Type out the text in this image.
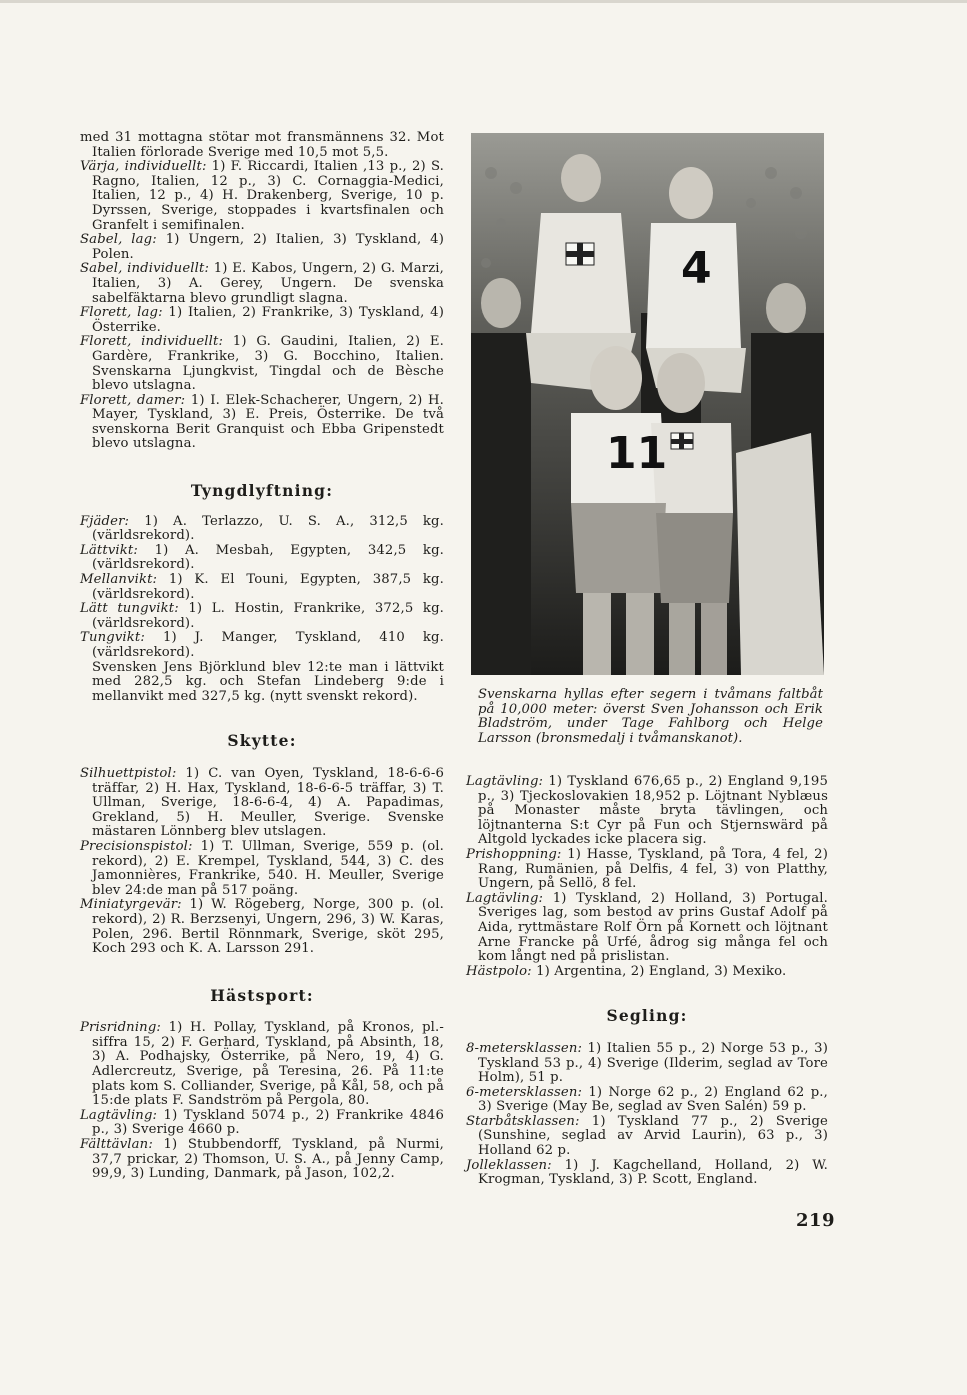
med 31 mottagna stötar mot fransmännens 32. Mot Italien förlorade Sverige med 10,5 mot 5,5.

Värja, individuellt: 1) F. Riccardi, Italien ,13 p., 2) S. Ragno, Italien, 12 p., 3) C. Cornaggia-Medici, Italien, 12 p., 4) H. Drakenberg, Sverige, 10 p. Dyrssen, Sverige, stoppades i kvartsfinalen och Granfelt i semifinalen.

Sabel, lag: 1) Ungern, 2) Italien, 3) Tyskland, 4) Polen.

Sabel, individuellt: 1) E. Kabos, Ungern, 2) G. Marzi, Italien, 3) A. Gerey, Ungern. De svenska sabelfäktarna blevo grundligt slagna.

Florett, lag: 1) Italien, 2) Frankrike, 3) Tyskland, 4) Österrike.

Florett, individuellt: 1) G. Gaudini, Italien, 2) E. Gardère, Frankrike, 3) G. Bocchino, Italien. Svenskarna Ljungkvist, Tingdal och de Bèsche blevo utslagna.

Florett, damer: 1) I. Elek-Schacherer, Ungern, 2) H. Mayer, Tyskland, 3) E. Preis, Österrike. De två svenskorna Berit Granquist och Ebba Gripenstedt blevo utslagna.

Tyngdlyftning:

Fjäder: 1) A. Terlazzo, U. S. A., 312,5 kg. (världsrekord).

Lättvikt: 1) A. Mesbah, Egypten, 342,5 kg. (världsrekord).

Mellanvikt: 1) K. El Touni, Egypten, 387,5 kg. (världsrekord).

Lätt tungvikt: 1) L. Hostin, Frankrike, 372,5 kg. (världsrekord).

Tungvikt: 1) J. Manger, Tyskland, 410 kg. (världsrekord).

Svensken Jens Björklund blev 12:te man i lättvikt med 282,5 kg. och Stefan Lindeberg 9:de i mellanvikt med 327,5 kg. (nytt svenskt rekord).

Skytte:

Silhuettpistol: 1) C. van Oyen, Tyskland, 18-6-6-6 träffar, 2) H. Hax, Tyskland, 18-6-6-5 träffar, 3) T. Ullman, Sverige, 18-6-6-4, 4) A. Papadimas, Grekland, 5) H. Meuller, Sverige. Svenske mästaren Lönnberg blev utslagen.

Precisionspistol: 1) T. Ullman, Sverige, 559 p. (ol. rekord), 2) E. Krempel, Tyskland, 544, 3) C. des Jamonnières, Frankrike, 540. H. Meuller, Sverige blev 24:de man på 517 poäng.

Miniatyrgevär: 1) W. Rögeberg, Norge, 300 p. (ol. rekord), 2) R. Berzsenyi, Ungern, 296, 3) W. Karas, Polen, 296. Bertil Rönnmark, Sverige, sköt 295, Koch 293 och K. A. Larsson 291.

Hästsport:

Prisridning: 1) H. Pollay, Tyskland, på Kronos, pl.-siffra 15, 2) F. Gerhard, Tyskland, på Absinth, 18, 3) A. Podhajsky, Österrike, på Nero, 19, 4) G. Adlercreutz, Sverige, på Teresina, 26. På 11:te plats kom S. Colliander, Sverige, på Kål, 58, och på 15:de plats F. Sandström på Pergola, 80.

Lagtävling: 1) Tyskland 5074 p., 2) Frankrike 4846 p., 3) Sverige 4660 p.

Fälttävlan: 1) Stubbendorff, Tyskland, på Nurmi, 37,7 prickar, 2) Thomson, U. S. A., på Jenny Camp, 99,9, 3) Lunding, Danmark, på Jason, 102,2.

4
11

Svenskarna hyllas efter segern i tvåmans faltbåt på 10,000 meter: överst Sven Johansson och Erik Bladström, under Tage Fahlborg och Helge Larsson (bronsmedalj i tvåmanskanot).

Lagtävling: 1) Tyskland 676,65 p., 2) England 9,195 p., 3) Tjeckoslovakien 18,952 p. Löjtnant Nyblæus på Monaster måste bryta tävlingen, och löjtnanterna S:t Cyr på Fun och Stjernswärd på Altgold lyckades icke placera sig.

Prishoppning: 1) Hasse, Tyskland, på Tora, 4 fel, 2) Rang, Rumänien, på Delfis, 4 fel, 3) von Platthy, Ungern, på Sellö, 8 fel.

Lagtävling: 1) Tyskland, 2) Holland, 3) Portugal. Sveriges lag, som bestod av prins Gustaf Adolf på Aida, ryttmästare Rolf Örn på Kornett och löjtnant Arne Francke på Urfé, ådrog sig många fel och kom långt ned på prislistan.

Hästpolo: 1) Argentina, 2) England, 3) Mexiko.

Segling:

8-metersklassen: 1) Italien 55 p., 2) Norge 53 p., 3) Tyskland 53 p., 4) Sverige (Ilderim, seglad av Tore Holm), 51 p.

6-metersklassen: 1) Norge 62 p., 2) England 62 p., 3) Sverige (May Be, seglad av Sven Salén) 59 p.

Starbåtsklassen: 1) Tyskland 77 p., 2) Sverige (Sunshine, seglad av Arvid Laurin), 63 p., 3) Holland 62 p.

Jolleklassen: 1) J. Kagchelland, Holland, 2) W. Krogman, Tyskland, 3) P. Scott, England.

219
